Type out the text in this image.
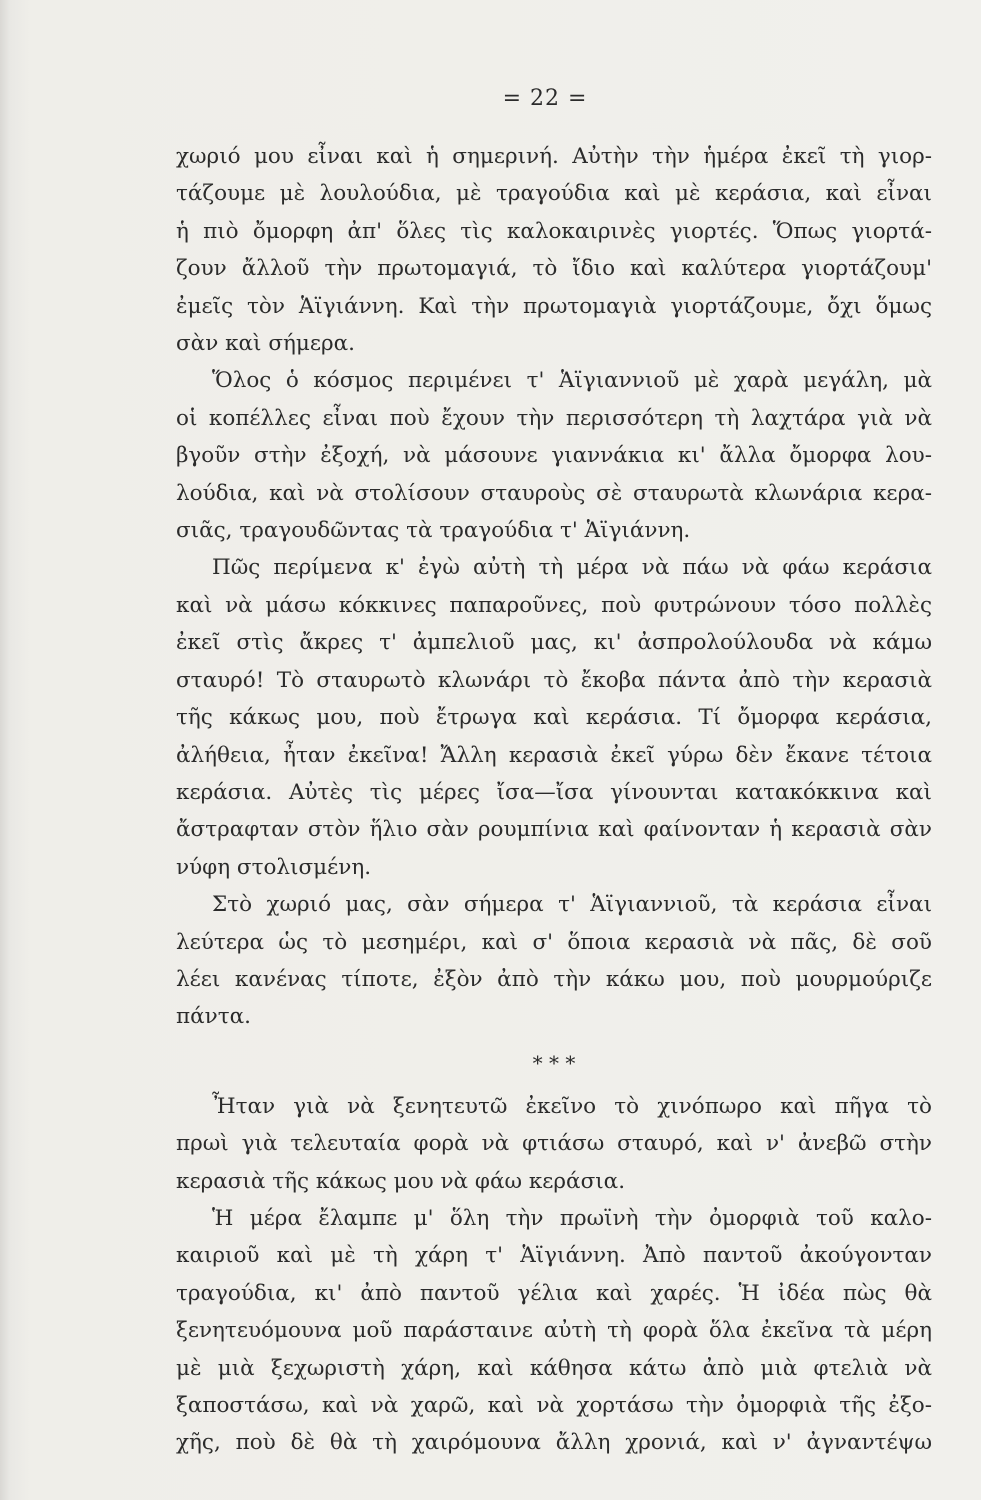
= 22 =

χωριό μου εἶναι καὶ ἡ σημερινή. Αὐτὴν τὴν ἡμέρα ἐκεῖ τὴ γιορ-
τάζουμε μὲ λουλούδια, μὲ τραγούδια καὶ μὲ κεράσια, καὶ εἶναι
ἡ πιὸ ὄμορφη ἀπ' ὅλες τὶς καλοκαιρινὲς γιορτές. Ὅπως γιορτά-
ζουν ἄλλοῦ τὴν πρωτομαγιά, τὸ ἴδιο καὶ καλύτερα γιορτάζουμ'
ἐμεῖς τὸν Ἁϊγιάννη. Καὶ τὴν πρωτομαγιὰ γιορτάζουμε, ὄχι ὅμως
σὰν καὶ σήμερα.

Ὅλος ὁ κόσμος περιμένει τ' Ἁϊγιαννιοῦ μὲ χαρὰ μεγάλη, μὰ
οἱ κοπέλλες εἶναι ποὺ ἔχουν τὴν περισσότερη τὴ λαχτάρα γιὰ νὰ
βγοῦν στὴν ἐξοχή, νὰ μάσουνε γιαννάκια κι' ἄλλα ὄμορφα λου-
λούδια, καὶ νὰ στολίσουν σταυροὺς σὲ σταυρωτὰ κλωνάρια κερα-
σιᾶς, τραγουδῶντας τὰ τραγούδια τ' Ἁϊγιάννη.

Πῶς περίμενα κ' ἐγὼ αὐτὴ τὴ μέρα νὰ πάω νὰ φάω κεράσια
καὶ νὰ μάσω κόκκινες παπαροῦνες, ποὺ φυτρώνουν τόσο πολλὲς
ἐκεῖ στὶς ἄκρες τ' ἀμπελιοῦ μας, κι' ἀσπρολούλουδα νὰ κάμω
σταυρό! Τὸ σταυρωτὸ κλωνάρι τὸ ἔκοβα πάντα ἀπὸ τὴν κερασιὰ
τῆς κάκως μου, ποὺ ἔτρωγα καὶ κεράσια. Τί ὄμορφα κεράσια,
ἀλήθεια, ἦταν ἐκεῖνα! Ἄλλη κερασιὰ ἐκεῖ γύρω δὲν ἔκανε τέτοια
κεράσια. Αὐτὲς τὶς μέρες ἴσα—ἴσα γίνουνται κατακόκκινα καὶ
ἄστραφταν στὸν ἥλιο σὰν ρουμπίνια καὶ φαίνονταν ἡ κερασιὰ σὰν
νύφη στολισμένη.

Στὸ χωριό μας, σὰν σήμερα τ' Ἁϊγιαννιοῦ, τὰ κεράσια εἶναι
λεύτερα ὡς τὸ μεσημέρι, καὶ σ' ὅποια κερασιὰ νὰ πᾶς, δὲ σοῦ
λέει κανένας τίποτε, ἐξὸν ἀπὸ τὴν κάκω μου, ποὺ μουρμούριζε
πάντα.

* * *

Ἦταν γιὰ νὰ ξενητευτῶ ἐκεῖνο τὸ χινόπωρο καὶ πῆγα τὸ
πρωὶ γιὰ τελευταία φορὰ νὰ φτιάσω σταυρό, καὶ ν' ἀνεβῶ στὴν
κερασιὰ τῆς κάκως μου νὰ φάω κεράσια.

Ἡ μέρα ἔλαμπε μ' ὅλη τὴν πρωϊνὴ τὴν ὀμορφιὰ τοῦ καλο-
καιριοῦ καὶ μὲ τὴ χάρη τ' Ἁϊγιάννη. Ἀπὸ παντοῦ ἀκούγονταν
τραγούδια, κι' ἀπὸ παντοῦ γέλια καὶ χαρές. Ἡ ἰδέα πὼς θὰ
ξενητευόμουνα μοῦ παράσταινε αὐτὴ τὴ φορὰ ὅλα ἐκεῖνα τὰ μέρη
μὲ μιὰ ξεχωριστὴ χάρη, καὶ κάθησα κάτω ἀπὸ μιὰ φτελιὰ νὰ
ξαποστάσω, καὶ νὰ χαρῶ, καὶ νὰ χορτάσω τὴν ὀμορφιὰ τῆς ἐξο-
χῆς, ποὺ δὲ θὰ τὴ χαιρόμουνα ἄλλη χρονιά, καὶ ν' ἀγναντέψω
